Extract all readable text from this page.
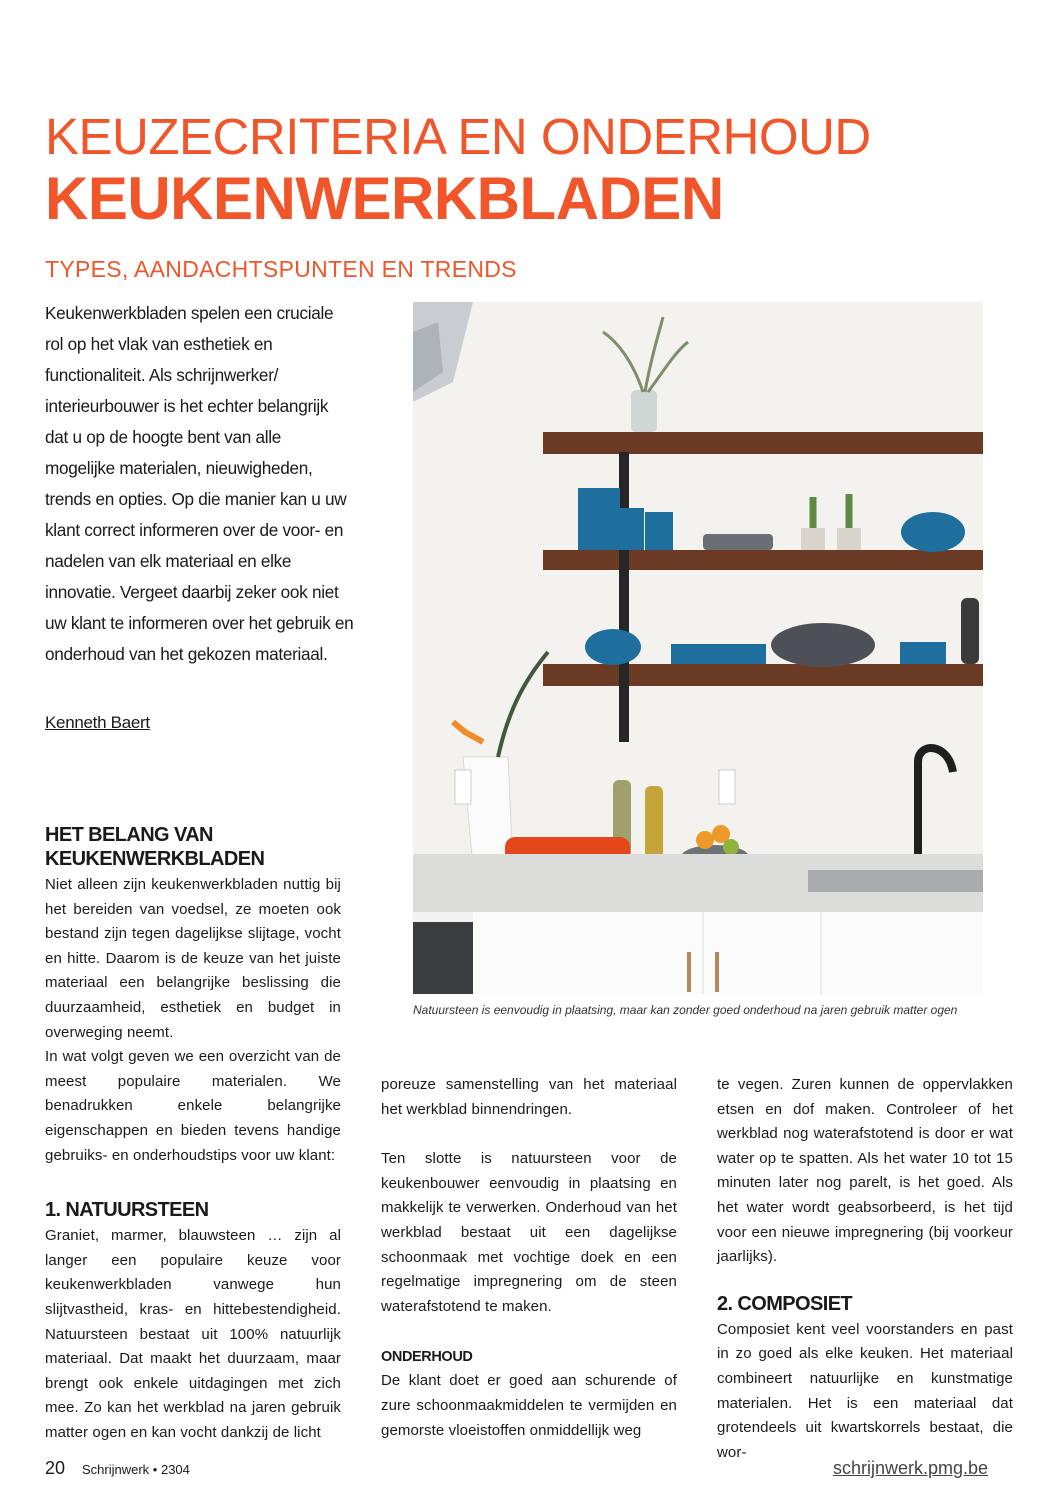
KEUZECRITERIA EN ONDERHOUD
KEUKENWERKBLADEN
TYPES, AANDACHTSPUNTEN EN TRENDS

Keukenwerkbladen spelen een cruciale rol op het vlak van esthetiek en functionaliteit. Als schrijnwerker/ interieurbouwer is het echter belangrijk dat u op de hoogte bent van alle mogelijke materialen, nieuwigheden, trends en opties. Op die manier kan u uw klant correct informeren over de voor- en nadelen van elk materiaal en elke innovatie. Vergeet daarbij zeker ook niet uw klant te informeren over het gebruik en onderhoud van het gekozen materiaal.

Kenneth Baert
HET BELANG VAN KEUKENWERKBLADEN

Niet alleen zijn keukenwerkbladen nuttig bij het bereiden van voedsel, ze moeten ook bestand zijn tegen dagelijkse slijtage, vocht en hitte. Daarom is de keuze van het juiste materiaal een belangrijke beslissing die duurzaamheid, esthetiek en budget in overweging neemt.

In wat volgt geven we een overzicht van de meest populaire materialen. We benadrukken enkele belangrijke eigenschappen en bieden tevens handige gebruiks- en onderhoudstips voor uw klant:

1. NATUURSTEEN

Graniet, marmer, blauwsteen … zijn al langer een populaire keuze voor keukenwerkbladen vanwege hun slijtvastheid, kras- en hittebestendigheid. Natuursteen bestaat uit 100% natuurlijk materiaal. Dat maakt het duurzaam, maar brengt ook enkele uitdagingen met zich mee. Zo kan het werkblad na jaren gebruik matter ogen en kan vocht dankzij de licht

poreuze samenstelling van het materiaal het werkblad binnendringen.

Ten slotte is natuursteen voor de keukenbouwer eenvoudig in plaatsing en makkelijk te verwerken. Onderhoud van het werkblad bestaat uit een dagelijkse schoonmaak met vochtige doek en een regelmatige impregnering om de steen waterafstotend te maken.

ONDERHOUD

De klant doet er goed aan schurende of zure schoonmaakmiddelen te vermijden en gemorste vloeistoffen onmiddellijk weg

te vegen. Zuren kunnen de oppervlakken etsen en dof maken. Controleer of het werkblad nog waterafstotend is door er wat water op te spatten. Als het water 10 tot 15 minuten later nog parelt, is het goed. Als het water wordt geabsorbeerd, is het tijd voor een nieuwe impregnering (bij voorkeur jaarlijks).

2. COMPOSIET

Composiet kent veel voorstanders en past in zo goed als elke keuken. Het materiaal combineert natuurlijke en kunstmatige materialen. Het is een materiaal dat grotendeels uit kwartskorrels bestaat, die wor-

Natuursteen is eenvoudig in plaatsing, maar kan zonder goed onderhoud na jaren gebruik matter ogen
20 Schrijnwerk • 2304	schrijnwerk.pmg.be
